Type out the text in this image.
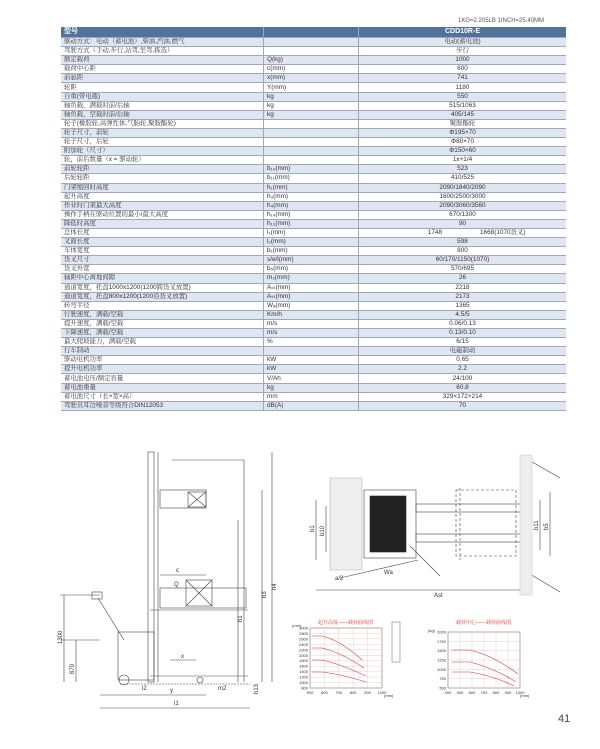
1KG=2.205LB 1INCH=25.40MM
型号		CDD10R-E
驱动方式：电动（蓄电池）,柴油,汽油,燃气		电动(蓄电池)
驾驶方式（手动,步行,站驾,坐驾,拣选）		步行
额定载荷	Q(kg)	1000
载荷中心距	c(mm)	600
前悬距	x(mm)	741
轮距	Y(mm)	1180
自重(带电瓶)	kg	550
轴负载，满载时前/后轴	kg	515/1063
轴负载，空载时前/后轴	kg	405/145
轮子(橡胶轮,高弹性体,气胎轮,聚胺酯轮)		聚胺酯轮
轮子尺寸，前轮		Φ195×70
轮子尺寸，后轮		Φ80×70
附加轮（尺寸）		Φ150×60
轮，前后数量（x = 驱动轮）		1x+1/4
前轮轮距	b₁₀(mm)	523
后轮轮距	b₁₁(mm)	410/525
门架缩回时高度	h₁(mm)	2090/1840/2090
起升高度	h₃(mm)	1600/2500/3000
作业时门架最大高度	h₄(mm)	2090/3060/3560
操作手柄在驱动位置的最小/最大高度	h₁₄(mm)	670/1300
降低时高度	h₁₃(mm)	90
总体长度	l₁(mm)	1748 1668(1070货叉)
叉面长度	l₂(mm)	598
车体宽度	b₁(mm)	800
货叉尺寸	s/e/l(mm)	60/170/1150(1070)
货叉外宽	b₅(mm)	570/695
轴距中心离地间隙	m₂(mm)	26
通道宽度，托盘1000x1200(1200跨货叉放置)	Aₛₜ(mm)	2218
通道宽度，托盘800x1200(1200沿货叉放置)	Aₛₜ(mm)	2173
转弯半径	Wₐ(mm)	1365
行驶速度，满载/空载	Km/h	4.5/5
提升速度，满载/空载	m/s	0.06/0.13
下降速度，满载/空载	m/s	0.13/0.10
最大爬坡能力，满载/空载	%	6/15
行车制动		电磁制动
驱动电机功率	kW	0.65
提升电机功率	kW	2.2
蓄电池电压/额定容量	V/Ah	24/100
蓄电池重量	kg	60.8
蓄电池尺寸（长×宽×高）	mm	329×172×214
驾驶员耳边噪音等级符合DIN12053	dB(A)	70
c
Q	h4
h3
h1
1300
670
x
y
l2
l1
h13
m2
b1 b10
b11 b5
a/2
Ast
Wa
起升高度——载荷曲线图
(mm)
(mm)
3000
2800
2600
2400
2200
2000
1800
1600
1400
1200
1000
800
500 600 700 800 900 1000
载荷中心——载荷曲线图
(kg)
(mm)
2000
1750
1500
1250
1000
750
500
400 500 600 700 800 900 1000
41
